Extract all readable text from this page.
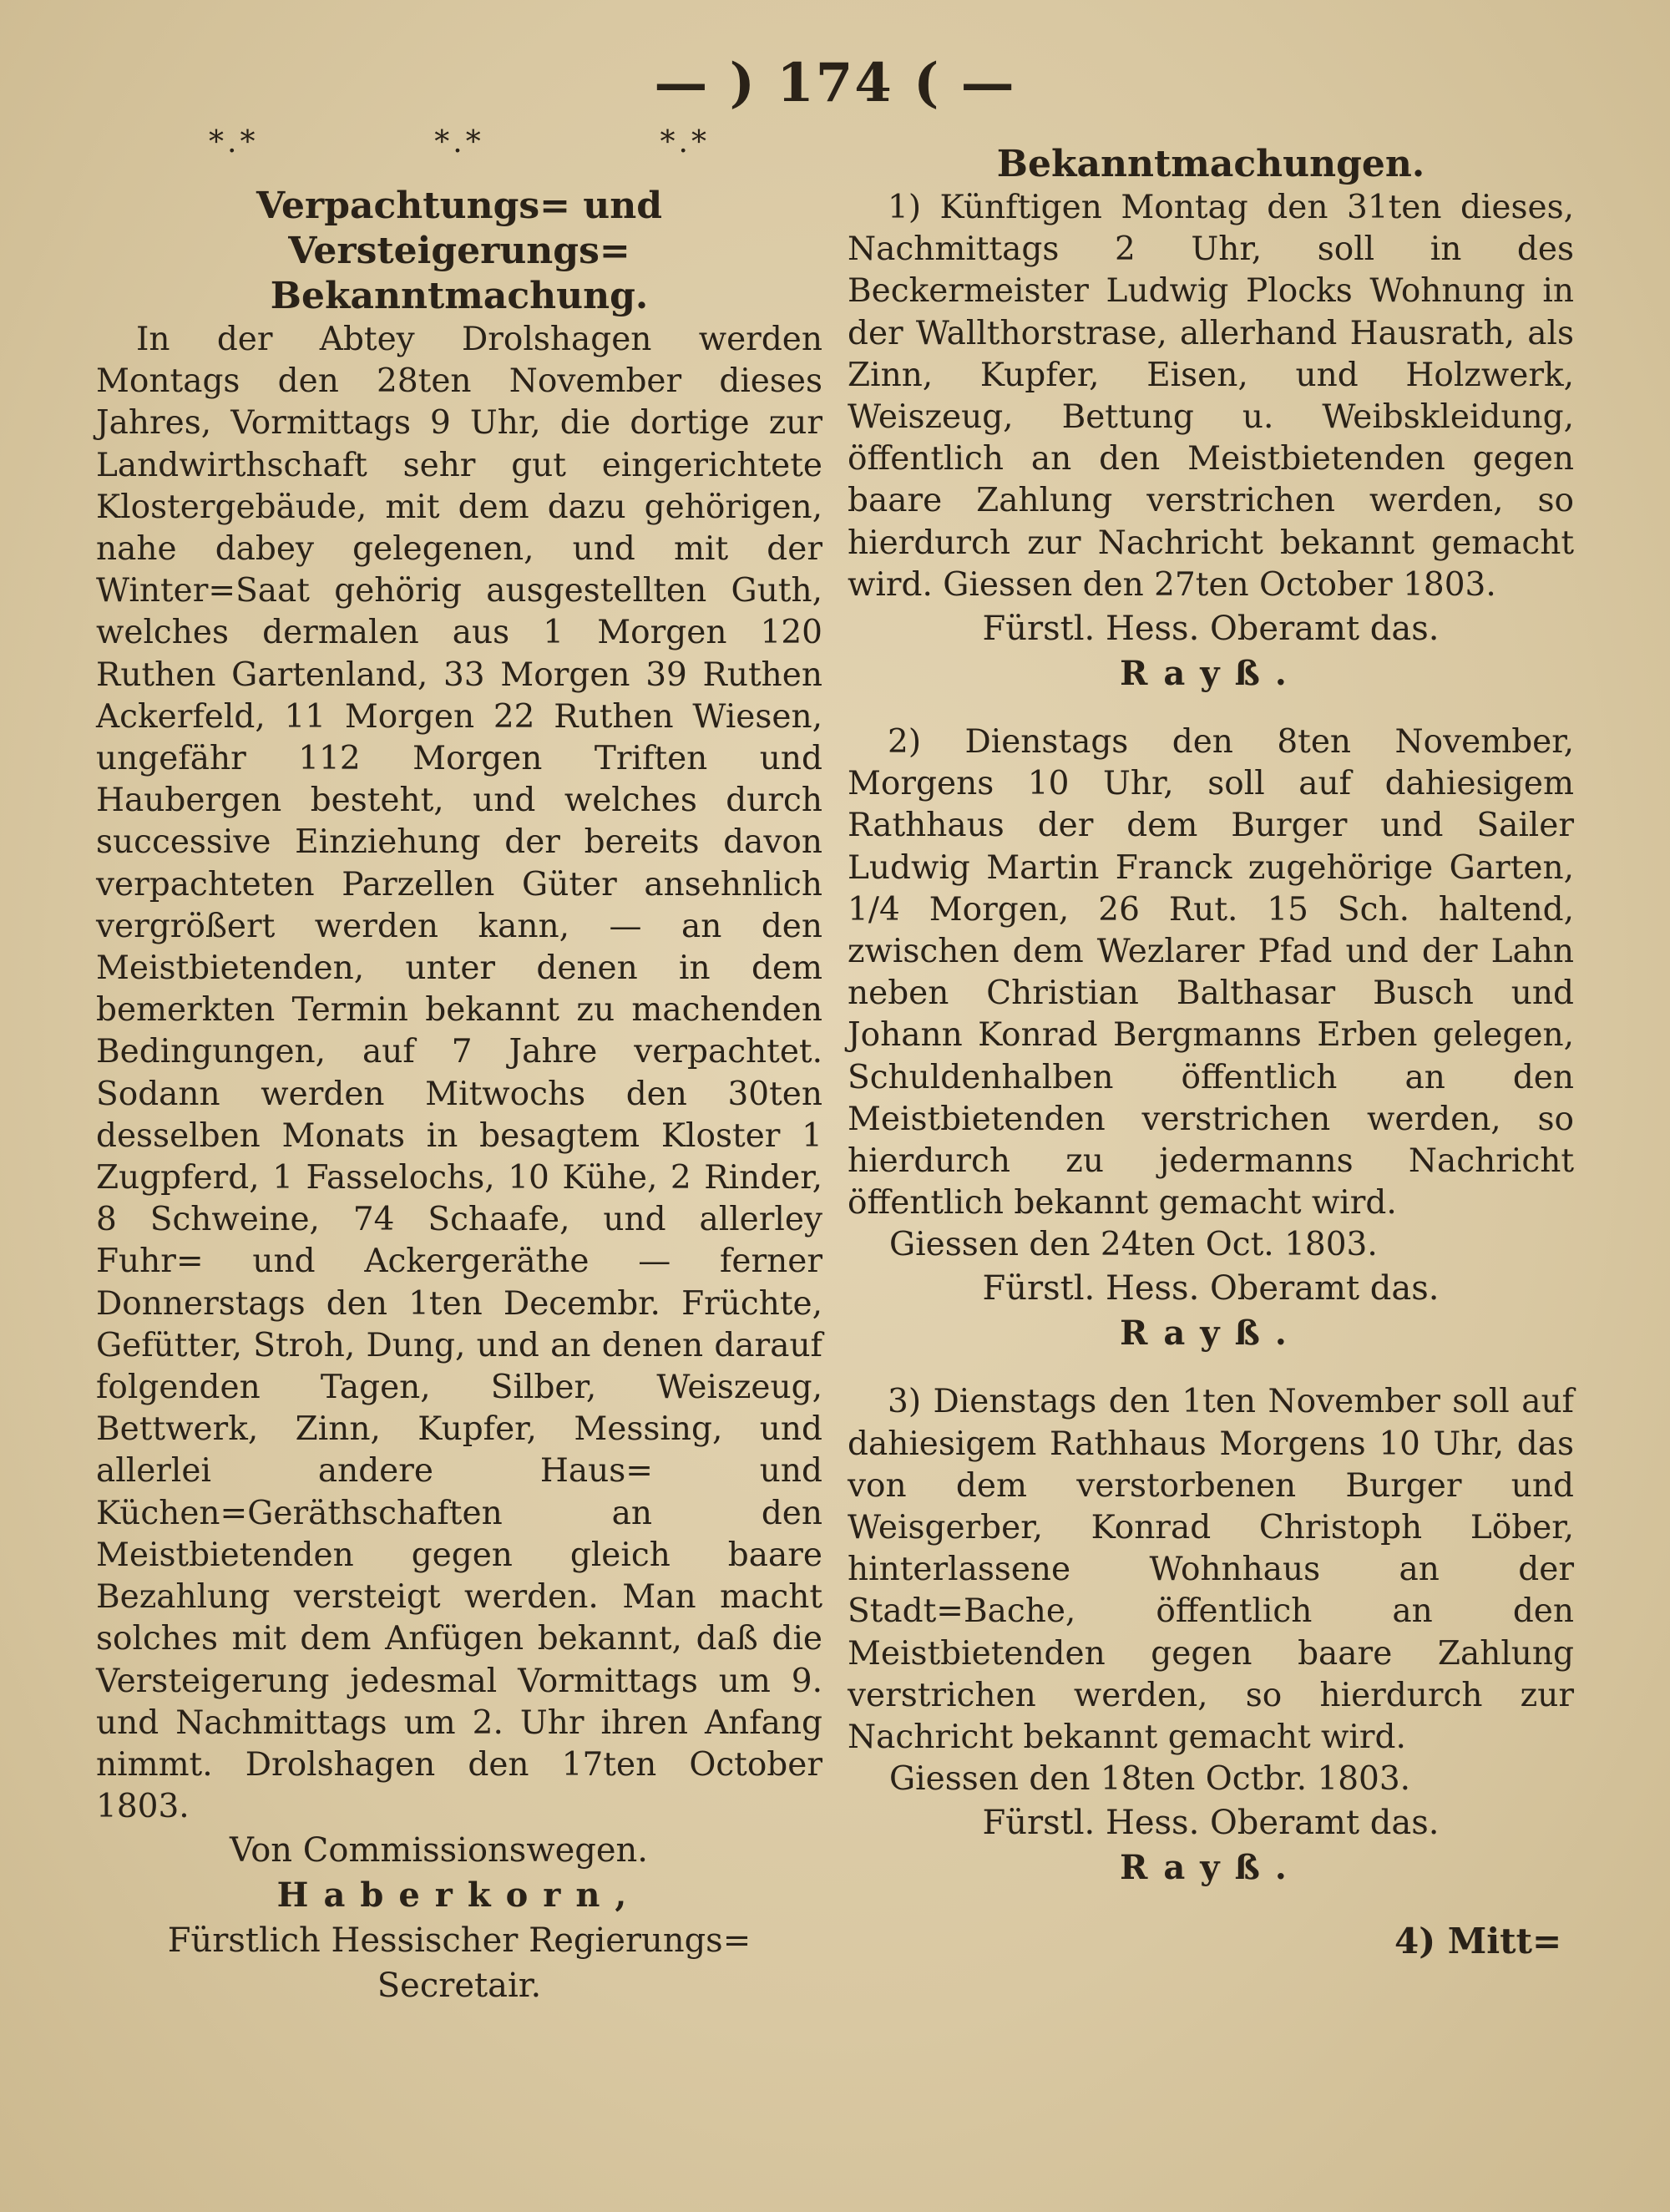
— ) 174 ( —
*.*	*.*	*.*
Verpachtungs= und Versteigerungs=
Bekanntmachung.

In der Abtey Drolshagen werden Montags den 28ten November dieses Jahres, Vormittags 9 Uhr, die dortige zur Landwirthschaft sehr gut eingerichtete Klostergebäude, mit dem dazu gehörigen, nahe dabey gelegenen, und mit der Winter=Saat gehörig ausgestellten Guth, welches dermalen aus 1 Morgen 120 Ruthen Gartenland, 33 Morgen 39 Ruthen Ackerfeld, 11 Morgen 22 Ruthen Wiesen, ungefähr 112 Morgen Triften und Haubergen besteht, und welches durch successive Einziehung der bereits davon verpachteten Parzellen Güter ansehnlich vergrößert werden kann, — an den Meistbietenden, unter denen in dem bemerkten Termin bekannt zu machenden Bedingungen, auf 7 Jahre verpachtet. Sodann werden Mitwochs den 30ten desselben Monats in besagtem Kloster 1 Zugpferd, 1 Fasselochs, 10 Kühe, 2 Rinder, 8 Schweine, 74 Schaafe, und allerley Fuhr= und Ackergeräthe — ferner Donnerstags den 1ten Decembr. Früchte, Gefütter, Stroh, Dung, und an denen darauf folgenden Tagen, Silber, Weiszeug, Bettwerk, Zinn, Kupfer, Messing, und allerlei andere Haus= und Küchen=Geräthschaften an den Meistbietenden gegen gleich baare Bezahlung versteigt werden. Man macht solches mit dem Anfügen bekannt, daß die Versteigerung jedesmal Vormittags um 9. und Nachmittags um 2. Uhr ihren Anfang nimmt. Drolshagen den 17ten October 1803.

Von Commissionswegen.

Haberkorn,

Fürstlich Hessischer Regierungs=

Secretair.

Bekanntmachungen.

1) Künftigen Montag den 31ten dieses, Nachmittags 2 Uhr, soll in des Beckermeister Ludwig Plocks Wohnung in der Wallthorstrase, allerhand Hausrath, als Zinn, Kupfer, Eisen, und Holzwerk, Weiszeug, Bettung u. Weibskleidung, öffentlich an den Meistbietenden gegen baare Zahlung verstrichen werden, so hierdurch zur Nachricht bekannt gemacht wird. Giessen den 27ten October 1803.

Fürstl. Hess. Oberamt das.

Rayß.

2) Dienstags den 8ten November, Morgens 10 Uhr, soll auf dahiesigem Rathhaus der dem Burger und Sailer Ludwig Martin Franck zugehörige Garten, 1/4 Morgen, 26 Rut. 15 Sch. haltend, zwischen dem Wezlarer Pfad und der Lahn neben Christian Balthasar Busch und Johann Konrad Bergmanns Erben gelegen, Schuldenhalben öffentlich an den Meistbietenden verstrichen werden, so hierdurch zu jedermanns Nachricht öffentlich bekannt gemacht wird.

Giessen den 24ten Oct. 1803.

Fürstl. Hess. Oberamt das.

Rayß.

3) Dienstags den 1ten November soll auf dahiesigem Rathhaus Morgens 10 Uhr, das von dem verstorbenen Burger und Weisgerber, Konrad Christoph Löber, hinterlassene Wohnhaus an der Stadt=Bache, öffentlich an den Meistbietenden gegen baare Zahlung verstrichen werden, so hierdurch zur Nachricht bekannt gemacht wird.

Giessen den 18ten Octbr. 1803.

Fürstl. Hess. Oberamt das.

Rayß.

4) Mitt=
